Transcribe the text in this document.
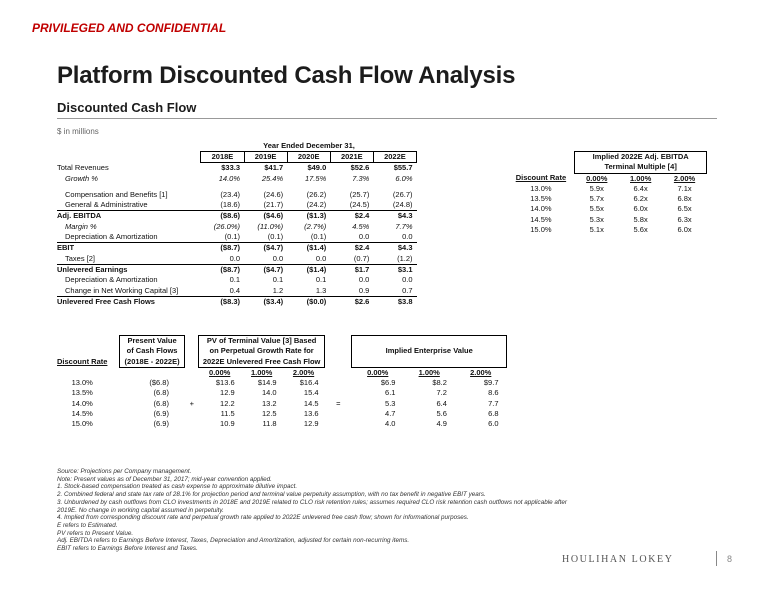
PRIVILEGED AND CONFIDENTIAL
Platform Discounted Cash Flow Analysis
Discounted Cash Flow
$ in millions
Year Ended December 31,
	2018E	2019E	2020E	2021E	2022E
Total Revenues	$33.3	$41.7	$49.0	$52.6	$55.7
Growth %	14.0%	25.4%	17.5%	7.3%	6.0%

Compensation and Benefits [1]	(23.4)	(24.6)	(26.2)	(25.7)	(26.7)
General & Administrative	(18.6)	(21.7)	(24.2)	(24.5)	(24.8)
Adj. EBITDA	($8.6)	($4.6)	($1.3)	$2.4	$4.3
Margin %	(26.0%)	(11.0%)	(2.7%)	4.5%	7.7%
Depreciation & Amortization	(0.1)	(0.1)	(0.1)	0.0	0.0
EBIT	($8.7)	($4.7)	($1.4)	$2.4	$4.3
Taxes [2]	0.0	0.0	0.0	(0.7)	(1.2)
Unlevered Earnings	($8.7)	($4.7)	($1.4)	$1.7	$3.1
Depreciation & Amortization	0.1	0.1	0.1	0.0	0.0
Change in Net Working Capital [3]	0.4	1.2	1.3	0.9	0.7
Unlevered Free Cash Flows	($8.3)	($3.4)	($0.0)	$2.6	$3.8
	Implied 2022E Adj. EBITDA		
	Terminal Multiple [4]		
Discount Rate	0.00%	1.00%	2.00%
13.0%	5.9x	6.4x	7.1x
13.5%	5.7x	6.2x	6.8x
14.0%	5.5x	6.0x	6.5x
14.5%	5.3x	5.8x	6.3x
15.0%	5.1x	5.6x	6.0x
		Present Value		PV of Terminal Value [3] Based						
		of Cash Flows		on Perpetual Growth Rate for				Implied Enterprise Value		
Discount Rate		(2018E - 2022E)		2022E Unlevered Free Cash Flow						
				0.00%	1.00%	2.00%		0.00%	1.00%	2.00%
13.0%		($6.8)		$13.6	$14.9	$16.4		$6.9	$8.2	$9.7
13.5%		(6.8)		12.9	14.0	15.4		6.1	7.2	8.6
14.0%		(6.8)	+	12.2	13.2	14.5	=	5.3	6.4	7.7
14.5%		(6.9)		11.5	12.5	13.6		4.7	5.6	6.8
15.0%		(6.9)		10.9	11.8	12.9		4.0	4.9	6.0
Source: Projections per Company management.
Note: Present values as of December 31, 2017; mid-year convention applied.
1. Stock-based compensation treated as cash expense to approximate dilutive impact.
2. Combined federal and state tax rate of 28.1% for projection period and terminal value perpetuity assumption, with no tax benefit in negative EBIT years.
3. Unburdened by cash outflows from CLO investments in 2018E and 2019E related to CLO risk retention rules; assumes required CLO risk retention cash outflows not applicable after
2019E. No change in working capital assumed in perpetuity.
4. Implied from corresponding discount rate and perpetual growth rate applied to 2022E unlevered free cash flow; shown for informational purposes.
E refers to Estimated.
PV refers to Present Value.
Adj. EBITDA refers to Earnings Before Interest, Taxes, Depreciation and Amortization, adjusted for certain non-recurring items.
EBIT refers to Earnings Before Interest and Taxes.
HOULIHAN LOKEY	8
